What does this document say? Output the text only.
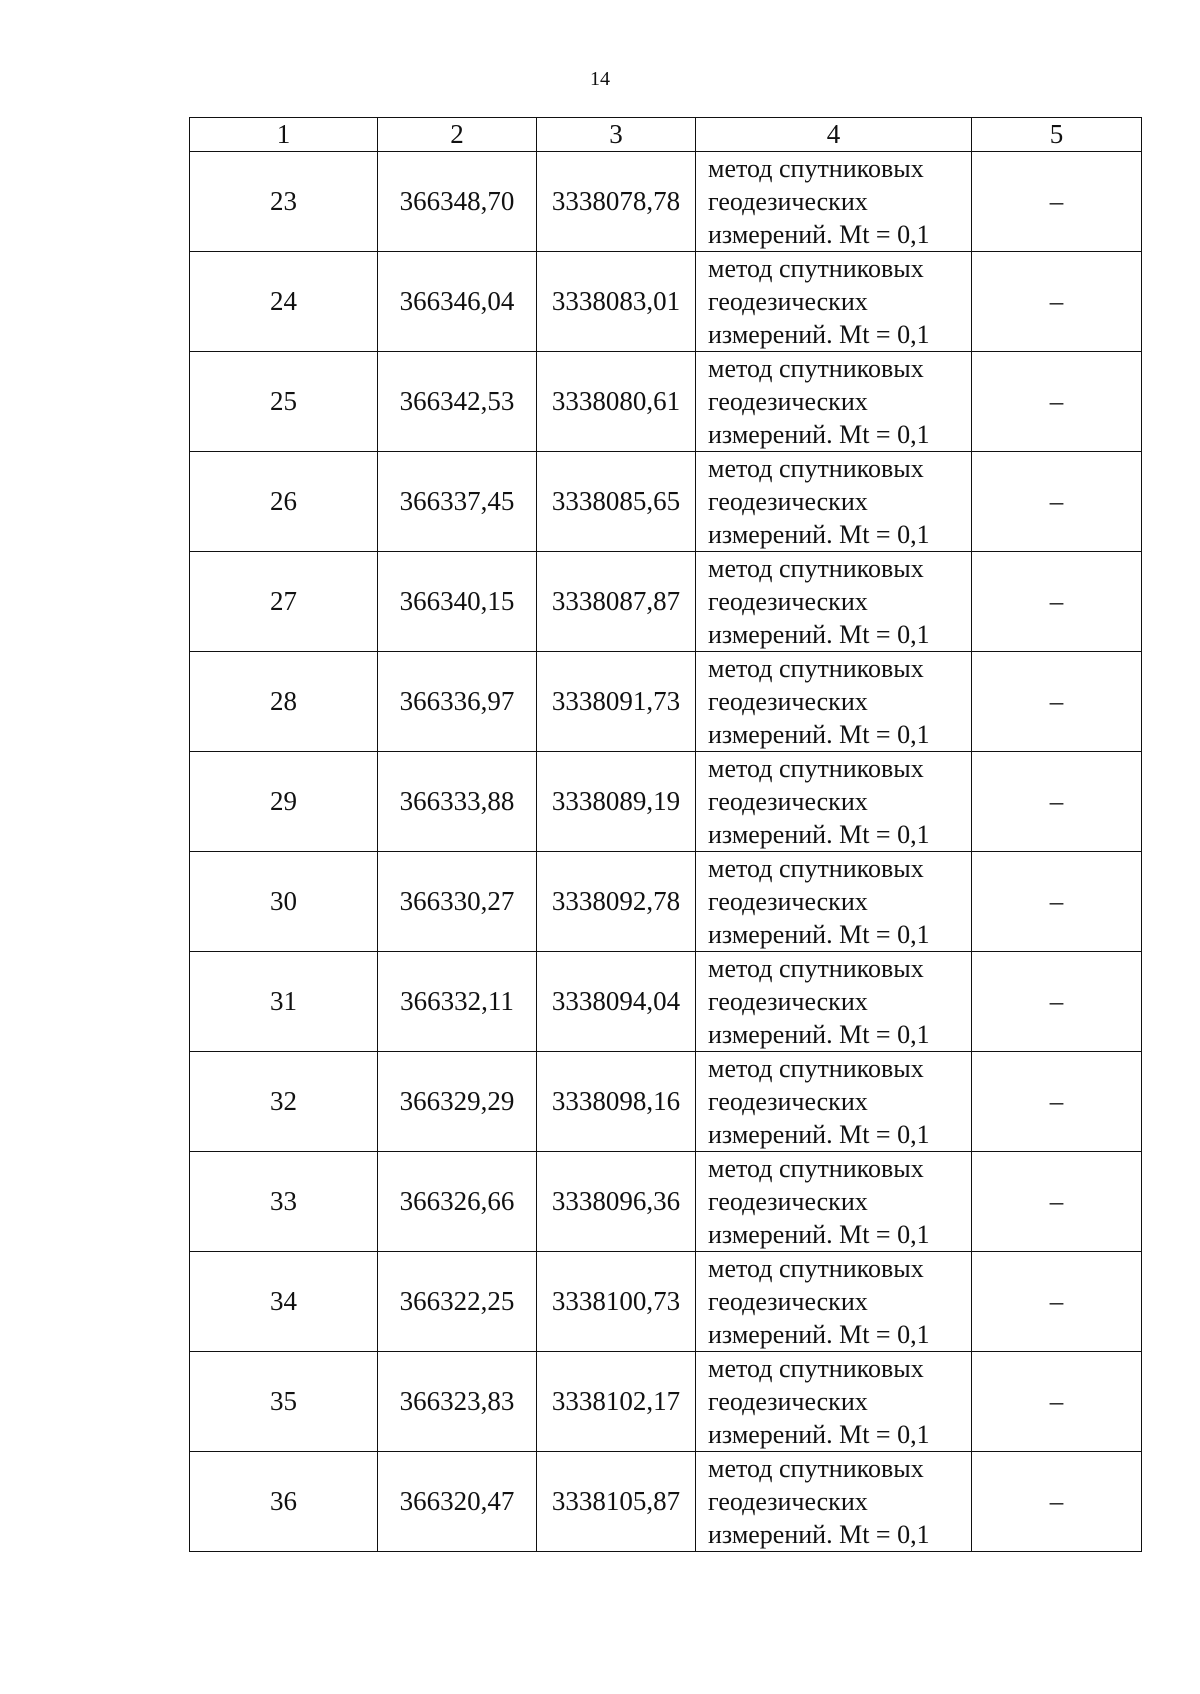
14
1	2	3	4	5
23	366348,70	3338078,78	метод спутниковых
геодезических
измерений. Mt = 0,1	–
24	366346,04	3338083,01	метод спутниковых
геодезических
измерений. Mt = 0,1	–
25	366342,53	3338080,61	метод спутниковых
геодезических
измерений. Mt = 0,1	–
26	366337,45	3338085,65	метод спутниковых
геодезических
измерений. Mt = 0,1	–
27	366340,15	3338087,87	метод спутниковых
геодезических
измерений. Mt = 0,1	–
28	366336,97	3338091,73	метод спутниковых
геодезических
измерений. Mt = 0,1	–
29	366333,88	3338089,19	метод спутниковых
геодезических
измерений. Mt = 0,1	–
30	366330,27	3338092,78	метод спутниковых
геодезических
измерений. Mt = 0,1	–
31	366332,11	3338094,04	метод спутниковых
геодезических
измерений. Mt = 0,1	–
32	366329,29	3338098,16	метод спутниковых
геодезических
измерений. Mt = 0,1	–
33	366326,66	3338096,36	метод спутниковых
геодезических
измерений. Mt = 0,1	–
34	366322,25	3338100,73	метод спутниковых
геодезических
измерений. Mt = 0,1	–
35	366323,83	3338102,17	метод спутниковых
геодезических
измерений. Mt = 0,1	–
36	366320,47	3338105,87	метод спутниковых
геодезических
измерений. Mt = 0,1	–
